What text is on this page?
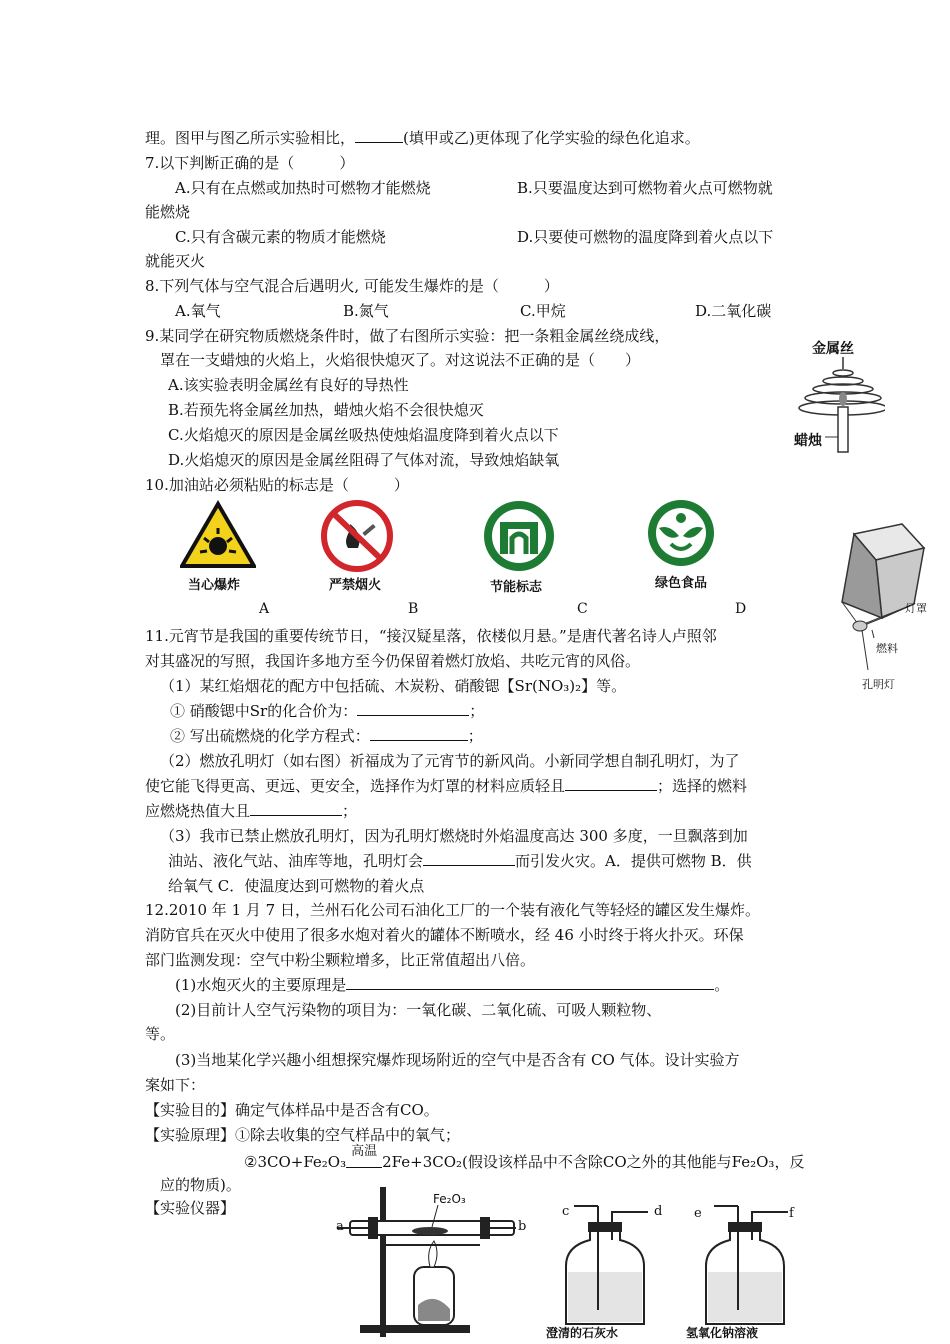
理。图甲与图乙所示实验相比，	(填甲或乙)更体现了化学实验的绿色化追求。
7.以下判断正确的是（　　　）
A.只有在点燃或加热时可燃物才能燃烧	B.只要温度达到可燃物着火点可燃物就
能燃烧
C.只有含碳元素的物质才能燃烧	D.只要使可燃物的温度降到着火点以下
就能灭火
8.下列气体与空气混合后遇明火, 可能发生爆炸的是（　　　）
A.氧气	B.氮气	C.甲烷	D.二氧化碳
9.某同学在研究物质燃烧条件时，做了右图所示实验：把一条粗金属丝绕成线，
罩在一支蜡烛的火焰上，火焰很快熄灭了。对这说法不正确的是（　　）
A.该实验表明金属丝有良好的导热性
B.若预先将金属丝加热，蜡烛火焰不会很快熄灭
C.火焰熄灭的原因是金属丝吸热使烛焰温度降到着火点以下
D.火焰熄灭的原因是金属丝阻碍了气体对流，导致烛焰缺氧
金属丝
蜡烛
10.加油站必须粘贴的标志是（　　　）
当心爆炸	严禁烟火	节能标志	绿色食品
A	B	C	D	灯罩
燃料
孔明灯
11.元宵节是我国的重要传统节日，“接汉疑星落，依楼似月悬。”是唐代著名诗人卢照邻
对其盛况的写照，我国许多地方至今仍保留着燃灯放焰、共吃元宵的风俗。
（1）某红焰烟花的配方中包括硫、木炭粉、硝酸锶【Sr(NO₃)₂】等。
① 硝酸锶中Sr的化合价为：	；
② 写出硫燃烧的化学方程式：	；
（2）燃放孔明灯（如右图）祈福成为了元宵节的新风尚。小新同学想自制孔明灯，为了
使它能飞得更高、更远、更安全，选择作为灯罩的材料应质轻且	；选择的燃料
应燃烧热值大且	；
（3）我市已禁止燃放孔明灯，因为孔明灯燃烧时外焰温度高达 300 多度，一旦飘落到加
油站、液化气站、油库等地，孔明灯会	而引发火灾。A．提供可燃物 B．供
给氧气 C．使温度达到可燃物的着火点
12.2010 年 1 月 7 日，兰州石化公司石油化工厂的一个装有液化气等轻烃的罐区发生爆炸。
消防官兵在灭火中使用了很多水炮对着火的罐体不断喷水，经 46 小时终于将火扑灭。环保
部门监测发现：空气中粉尘颗粒增多，比正常值超出八倍。
(1)水炮灭火的主要原理是	。
(2)目前计人空气污染物的项目为：一氧化碳、二氧化硫、可吸人颗粒物、
等。
(3)当地某化学兴趣小组想探究爆炸现场附近的空气中是否含有 CO 气体。设计实验方
案如下：
【实验目的】确定气体样品中是否含有CO。
【实验原理】①除去收集的空气样品中的氧气；
②3CO+Fe₂O₃
高温
2Fe+3CO₂(假设该样品中不含除CO之外的其他能与Fe₂O₃，反
应的物质)。
【实验仪器】	Fe₂O₃
a	b
c	d
澄清的石灰水
e	f
氢氧化钠溶液
